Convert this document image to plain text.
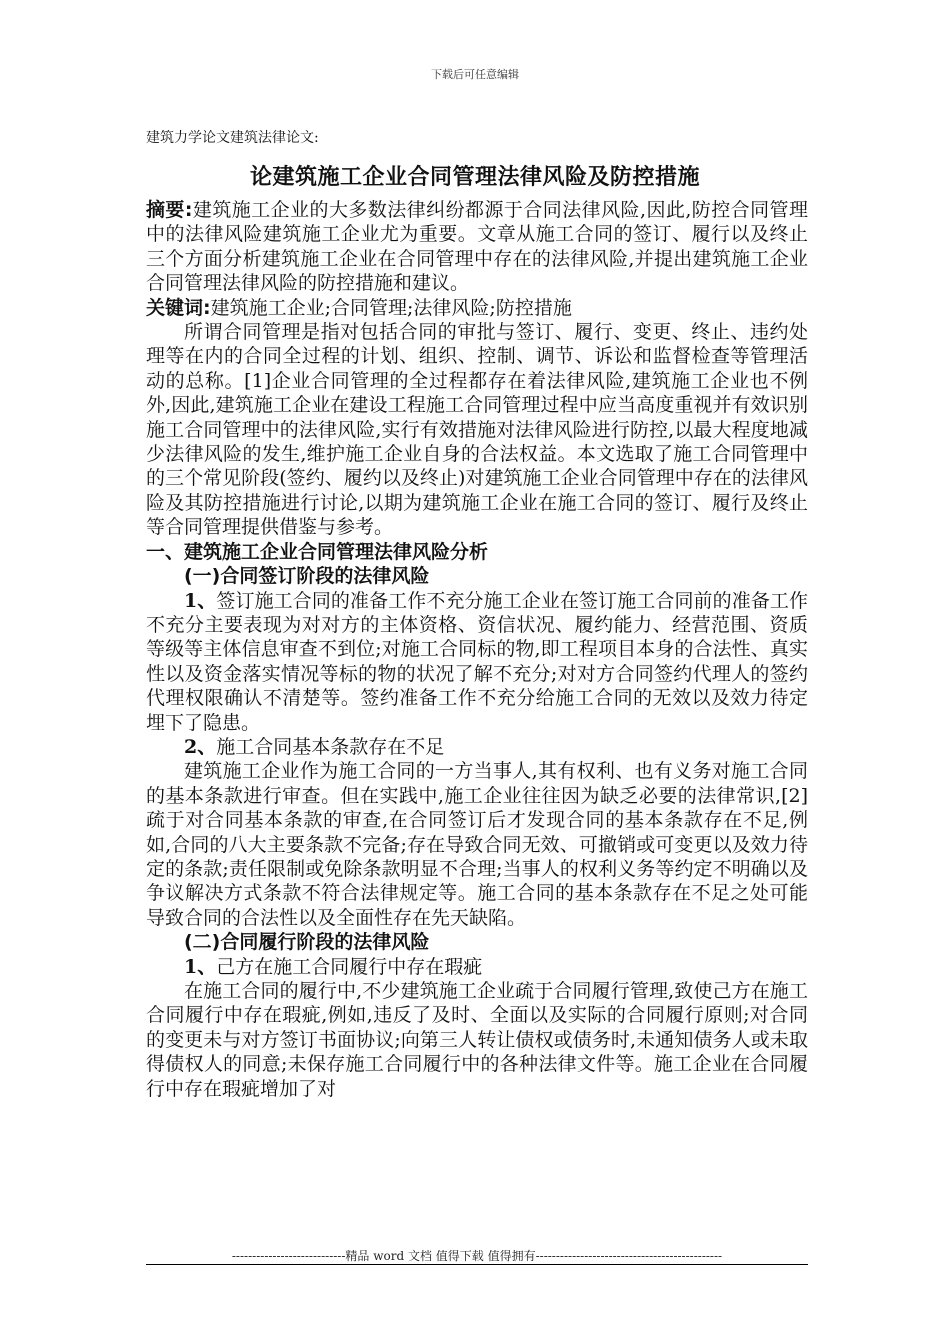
下载后可任意编辑
建筑力学论文建筑法律论文:
论建筑施工企业合同管理法律风险及防控措施

摘要:建筑施工企业的大多数法律纠纷都源于合同法律风险,因此,防控合同管理中的法律风险建筑施工企业尤为重要。文章从施工合同的签订、履行以及终止三个方面分析建筑施工企业在合同管理中存在的法律风险,并提出建筑施工企业合同管理法律风险的防控措施和建议。

关键词:建筑施工企业;合同管理;法律风险;防控措施

所谓合同管理是指对包括合同的审批与签订、履行、变更、终止、违约处理等在内的合同全过程的计划、组织、控制、调节、诉讼和监督检查等管理活动的总称。[1]企业合同管理的全过程都存在着法律风险,建筑施工企业也不例外,因此,建筑施工企业在建设工程施工合同管理过程中应当高度重视并有效识别施工合同管理中的法律风险,实行有效措施对法律风险进行防控,以最大程度地减少法律风险的发生,维护施工企业自身的合法权益。本文选取了施工合同管理中的三个常见阶段(签约、履约以及终止)对建筑施工企业合同管理中存在的法律风险及其防控措施进行讨论,以期为建筑施工企业在施工合同的签订、履行及终止等合同管理提供借鉴与参考。

一、建筑施工企业合同管理法律风险分析

(一)合同签订阶段的法律风险

1、签订施工合同的准备工作不充分施工企业在签订施工合同前的准备工作不充分主要表现为对对方的主体资格、资信状况、履约能力、经营范围、资质等级等主体信息审查不到位;对施工合同标的物,即工程项目本身的合法性、真实性以及资金落实情况等标的物的状况了解不充分;对对方合同签约代理人的签约代理权限确认不清楚等。签约准备工作不充分给施工合同的无效以及效力待定埋下了隐患。

2、施工合同基本条款存在不足

建筑施工企业作为施工合同的一方当事人,其有权利、也有义务对施工合同的基本条款进行审查。但在实践中,施工企业往往因为缺乏必要的法律常识,[2]疏于对合同基本条款的审查,在合同签订后才发现合同的基本条款存在不足,例如,合同的八大主要条款不完备;存在导致合同无效、可撤销或可变更以及效力待定的条款;责任限制或免除条款明显不合理;当事人的权利义务等约定不明确以及争议解决方式条款不符合法律规定等。施工合同的基本条款存在不足之处可能导致合同的合法性以及全面性存在先天缺陷。

(二)合同履行阶段的法律风险

1、己方在施工合同履行中存在瑕疵

在施工合同的履行中,不少建筑施工企业疏于合同履行管理,致使己方在施工合同履行中存在瑕疵,例如,违反了及时、全面以及实际的合同履行原则;对合同的变更未与对方签订书面协议;向第三人转让债权或债务时,未通知债务人或未取得债权人的同意;未保存施工合同履行中的各种法律文件等。施工企业在合同履行中存在瑕疵增加了对

----------------------------精品 word 文档 值得下载 值得拥有----------------------------------------------
